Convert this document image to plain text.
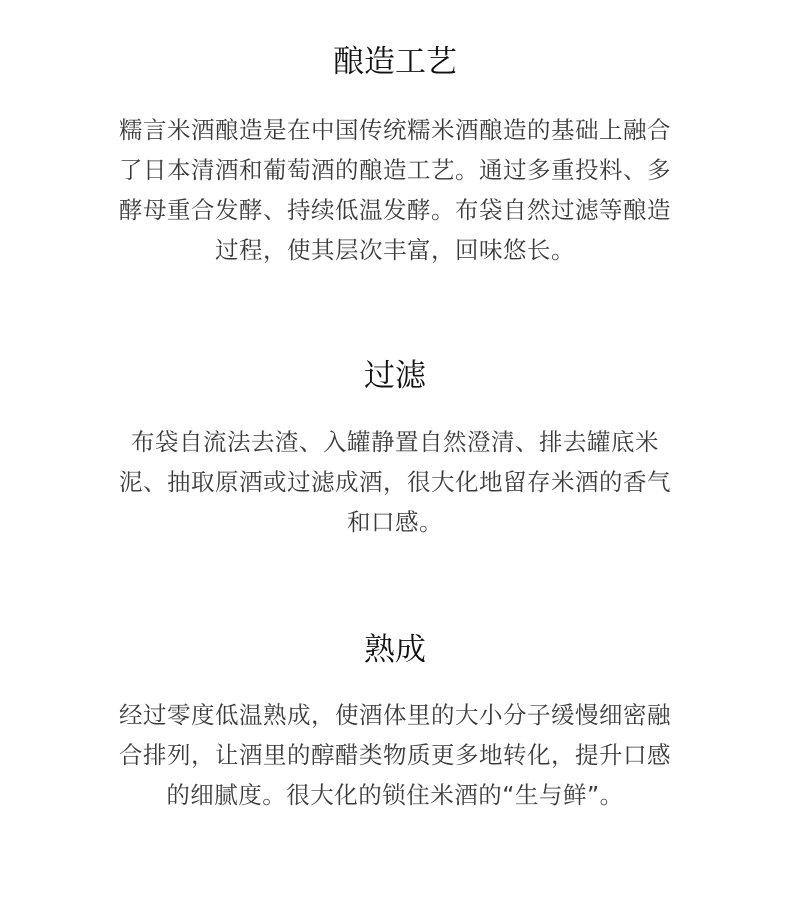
酿造工艺
糯言米酒酿造是在中国传统糯米酒酿造的基础上融合
了日本清酒和葡萄酒的酿造工艺。通过多重投料、多
酵母重合发酵、持续低温发酵。布袋自然过滤等酿造
过程，使其层次丰富，回味悠长。
过滤
布袋自流法去渣、入罐静置自然澄清、排去罐底米
泥、抽取原酒或过滤成酒，很大化地留存米酒的香气
和口感。
熟成
经过零度低温熟成，使酒体里的大小分子缓慢细密融
合排列，让酒里的醇醋类物质更多地转化，提升口感
的细腻度。很大化的锁住米酒的“生与鲜”。
